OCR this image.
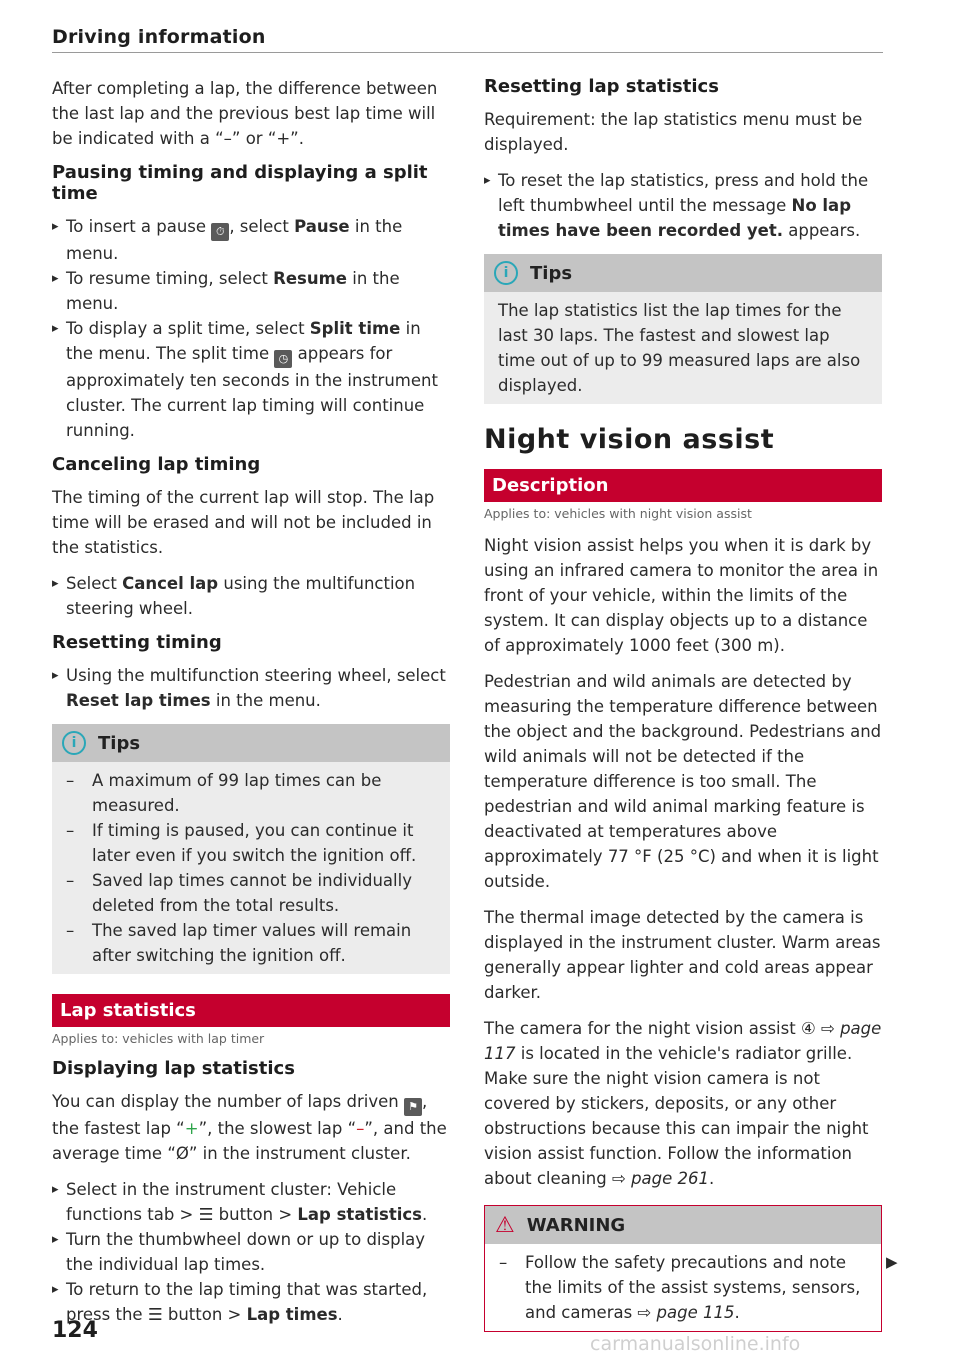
Driving information

After completing a lap, the difference between the last lap and the previous best lap time will be indicated with a “–” or “+”.

Pausing timing and displaying a split time
▸ To insert a pause ⏱ , select Pause in the menu.
▸ To resume timing, select Resume in the menu.
▸ To display a split time, select Split time in the menu. The split time ◷ appears for approximately ten seconds in the instrument cluster. The current lap timing will continue running.
Canceling lap timing

The timing of the current lap will stop. The lap time will be erased and will not be included in the statistics.

▸ Select Cancel lap using the multifunction steering wheel.
Resetting timing
▸ Using the multifunction steering wheel, select Reset lap times in the menu.
i	Tips
– A maximum of 99 lap times can be measured.
– If timing is paused, you can continue it later even if you switch the ignition off.
– Saved lap times cannot be individually deleted from the total results.
– The saved lap timer values will remain after switching the ignition off.
Lap statistics
Applies to: vehicles with lap timer
Displaying lap statistics

You can display the number of laps driven ⚑ , the fastest lap “+”, the slowest lap “–”, and the average time “Ø” in the instrument cluster.

▸ Select in the instrument cluster: Vehicle functions tab > ☰ button > Lap statistics.
▸ Turn the thumbwheel down or up to display the individual lap times.
▸ To return to the lap timing that was started, press the ☰ button > Lap times.
Resetting lap statistics

Requirement: the lap statistics menu must be displayed.

▸ To reset the lap statistics, press and hold the left thumbwheel until the message No lap times have been recorded yet. appears.
i	Tips

The lap statistics list the lap times for the last 30 laps. The fastest and slowest lap time out of up to 99 measured laps are also displayed.

Night vision assist
Description
Applies to: vehicles with night vision assist

Night vision assist helps you when it is dark by using an infrared camera to monitor the area in front of your vehicle, within the limits of the system. It can display objects up to a distance of approximately 1000 feet (300 m).

Pedestrian and wild animals are detected by measuring the temperature difference between the object and the background. Pedestrians and wild animals will not be detected if the temperature difference is too small. The pedestrian and wild animal marking feature is deactivated at temperatures above approximately 77 °F (25 °C) and when it is light outside.

The thermal image detected by the camera is displayed in the instrument cluster. Warm areas generally appear lighter and cold areas appear darker.

The camera for the night vision assist ④ ⇨ page 117 is located in the vehicle's radiator grille. Make sure the night vision camera is not covered by stickers, deposits, or any other obstructions because this can impair the night vision assist function. Follow the information about cleaning ⇨ page 261.

⚠ WARNING
– Follow the safety precautions and note the limits of the assist systems, sensors, and cameras ⇨ page 115.
▶
124
carmanualsonline.info
